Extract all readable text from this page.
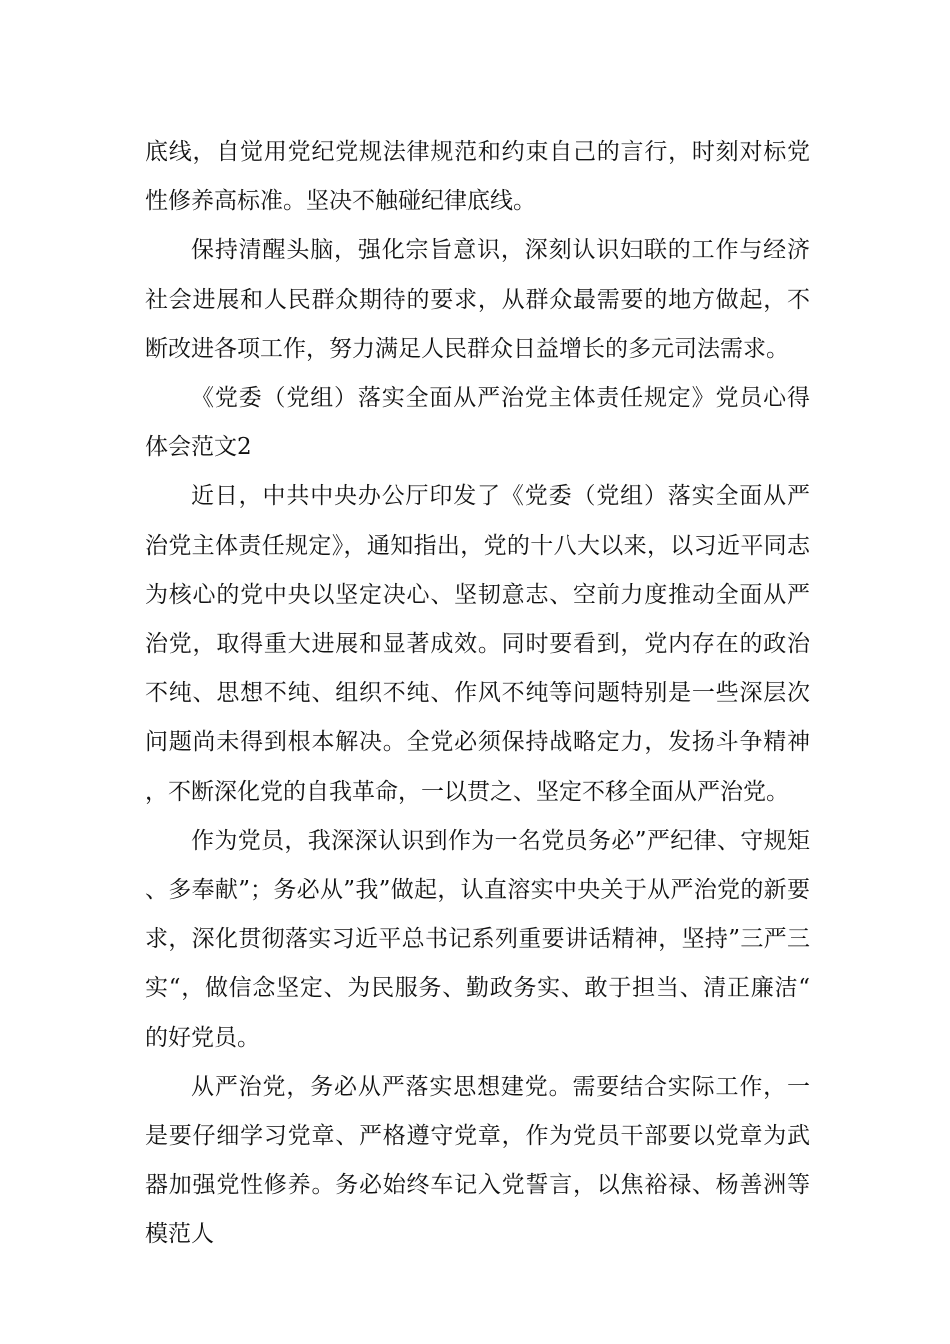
底线，自觉用党纪党规法律规范和约束自己的言行，时刻对标党性修养高标准。坚决不触碰纪律底线。

保持清醒头脑，强化宗旨意识，深刻认识妇联的工作与经济社会进展和人民群众期待的要求，从群众最需要的地方做起，不断改进各项工作，努力满足人民群众日益增长的多元司法需求。

《党委（党组）落实全面从严治党主体责任规定》党员心得体会范文2

近日，中共中央办公厅印发了《党委（党组）落实全面从严治党主体责任规定》，通知指出，党的十八大以来，以习近平同志为核心的党中央以坚定决心、坚韧意志、空前力度推动全面从严治党，取得重大进展和显著成效。同时要看到，党内存在的政治不纯、思想不纯、组织不纯、作风不纯等问题特别是一些深层次问题尚未得到根本解决。全党必须保持战略定力，发扬斗争精神，不断深化党的自我革命，一以贯之、坚定不移全面从严治党。

作为党员，我深深认识到作为一名党员务必”严纪律、守规矩、多奉献”；务必从”我”做起，认直溶实中央关于从严治党的新要求，深化贯彻落实习近平总书记系列重要讲话精神，坚持”三严三实“，做信念坚定、为民服务、勤政务实、敢于担当、清正廉洁“的好党员。

从严治党，务必从严落实思想建党。需要结合实际工作，一是要仔细学习党章、严格遵守党章，作为党员干部要以党章为武器加强党性修养。务必始终车记入党誓言，以焦裕禄、杨善洲等模范人
